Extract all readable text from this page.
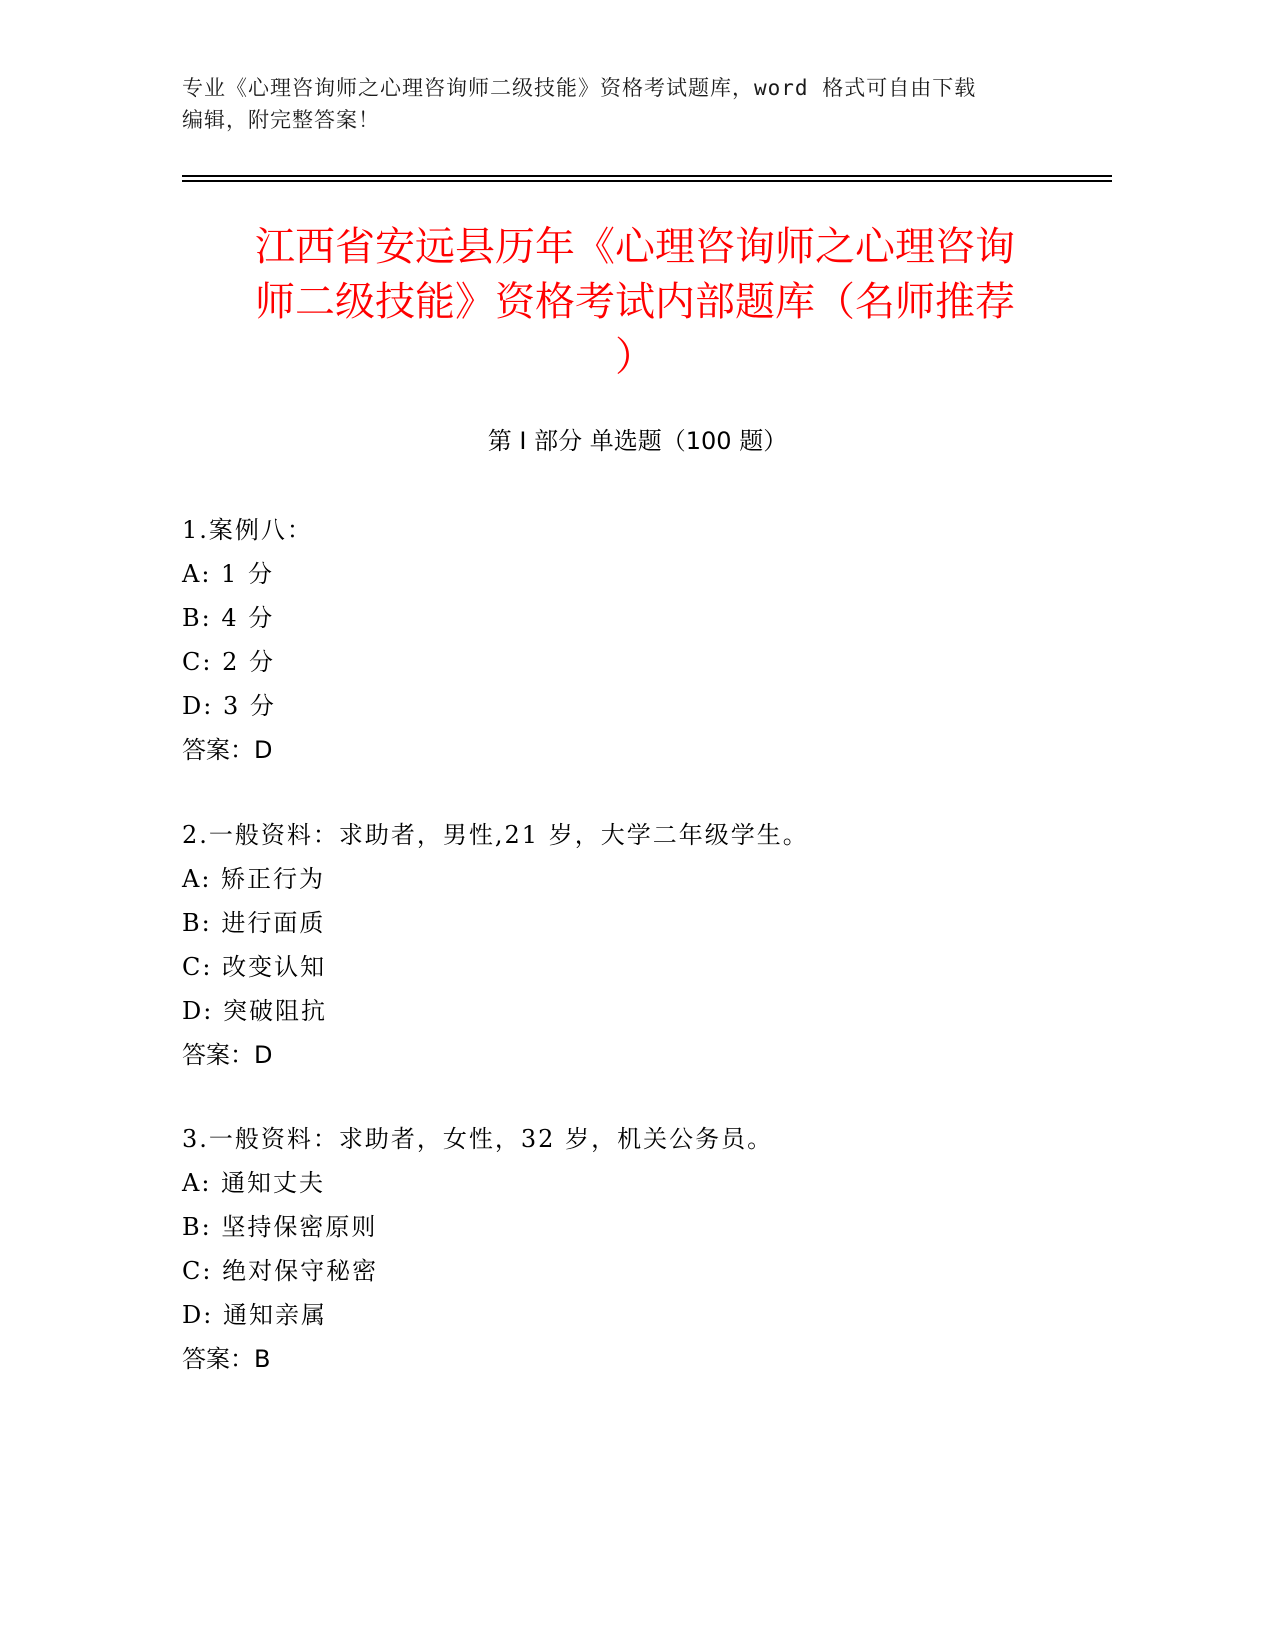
专业《心理咨询师之心理咨询师二级技能》资格考试题库，word 格式可自由下载
编辑，附完整答案！
江西省安远县历年《心理咨询师之心理咨询
师二级技能》资格考试内部题库（名师推荐
）
第 I 部分 单选题（100 题）
1.案例八：
A: 1 分
B: 4 分
C: 2 分
D: 3 分
答案：D
2.一般资料：求助者，男性,21 岁，大学二年级学生。
A: 矫正行为
B: 进行面质
C: 改变认知
D: 突破阻抗
答案：D
3.一般资料：求助者，女性，32 岁，机关公务员。
A: 通知丈夫
B: 坚持保密原则
C: 绝对保守秘密
D: 通知亲属
答案：B
